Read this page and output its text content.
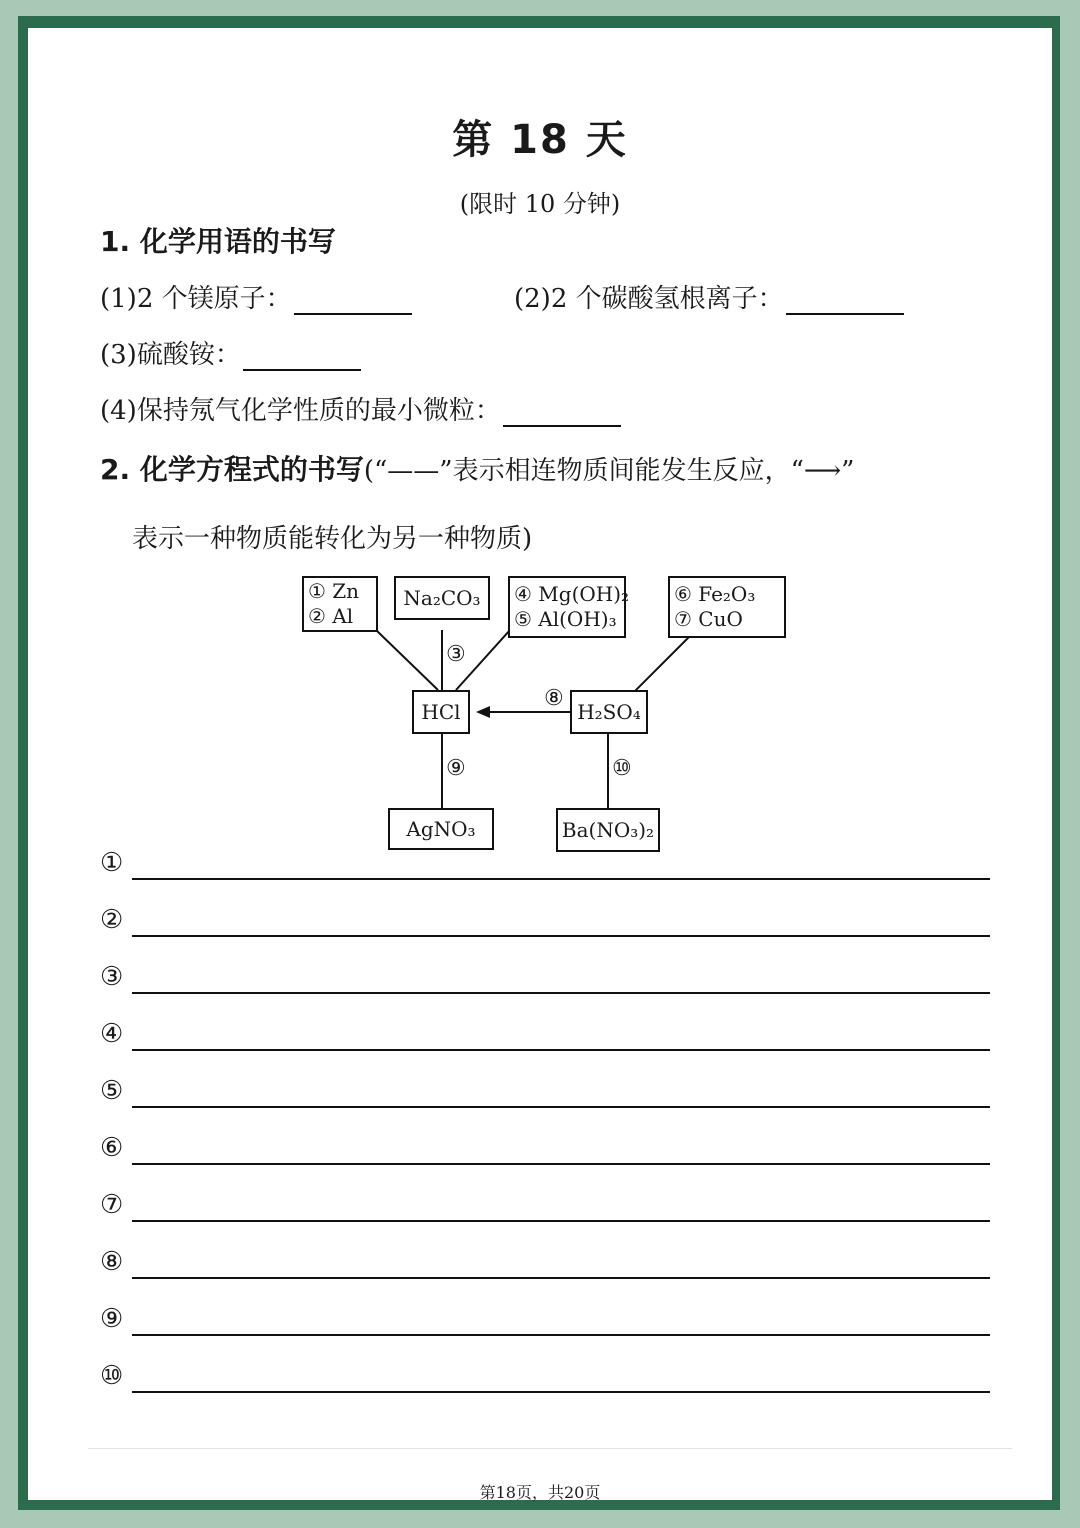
第 18 天
(限时 10 分钟)
1. 化学用语的书写
(1)2 个镁原子：	(2)2 个碳酸氢根离子：
(3)硫酸铵：
(4)保持氖气化学性质的最小微粒：
2. 化学方程式的书写(“——”表示相连物质间能发生反应，“⟶”
表示一种物质能转化为另一种物质)
① Zn
② Al
Na₂CO₃	④ Mg(OH)₂
⑤ Al(OH)₃
⑥ Fe₂O₃
⑦ CuO
HCl	H₂SO₄
AgNO₃	Ba(NO₃)₂
③
⑧
⑨	⑩
①
②
③
④
⑤
⑥
⑦
⑧
⑨
⑩
第18页，共20页
